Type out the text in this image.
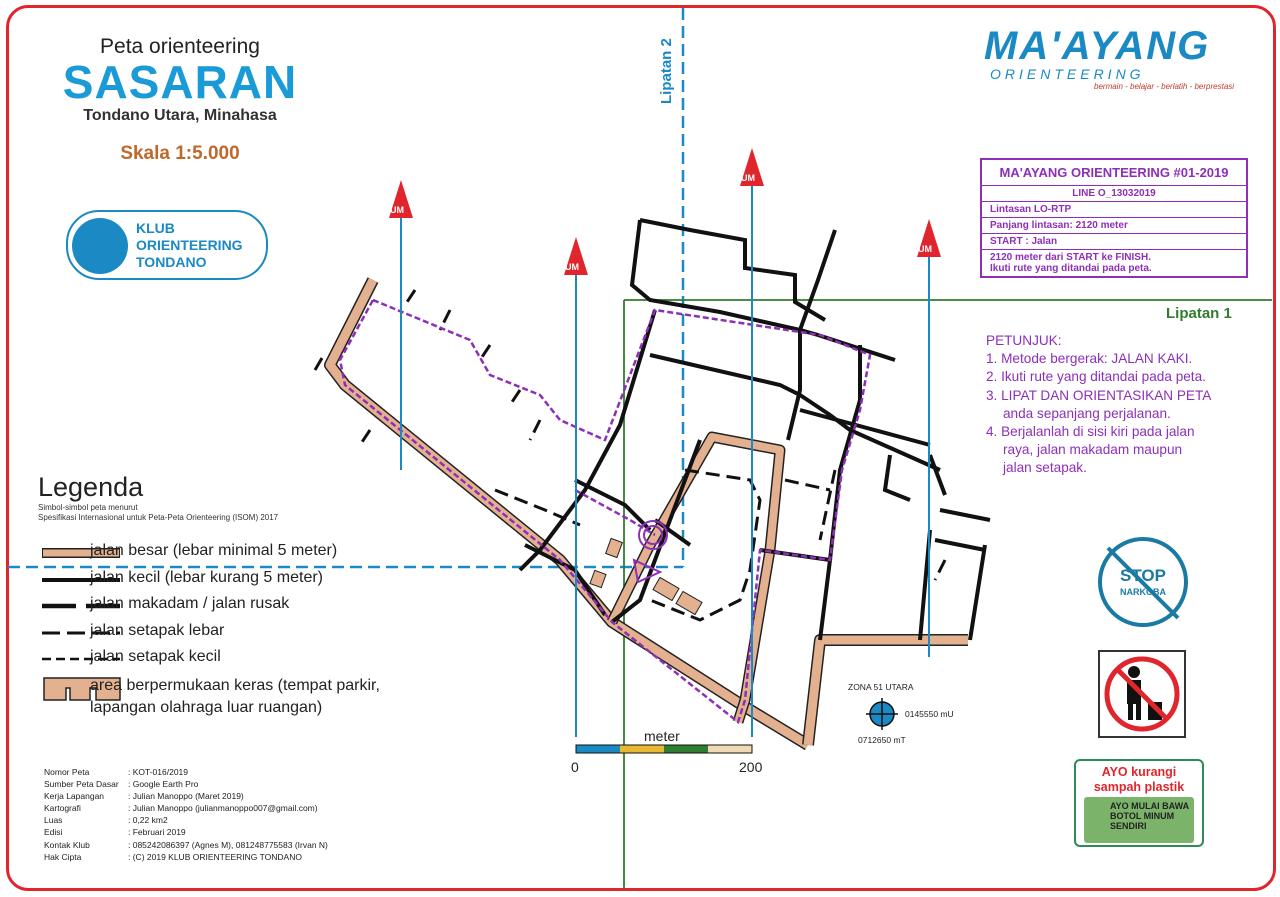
UM
UM
UM
UM
meter
0	200
ZONA 51 UTARA
0145550 mU
0712650 mT
Lipatan 2
Lipatan 1
Peta orienteering
SASARAN
Tondano Utara, Minahasa
Skala 1:5.000
KLUB
ORIENTEERING
TONDANO
Legenda
Simbol-simbol peta menurut
Spesifikasi Internasional untuk Peta-Peta Orienteering (ISOM) 2017
jalan besar (lebar minimal 5 meter)
jalan kecil (lebar kurang 5 meter)
jalan makadam / jalan rusak
jalan setapak lebar
jalan setapak kecil
area berpermukaan keras (tempat parkir,
lapangan olahraga luar ruangan)
Nomor Peta	: KOT-016/2019
Sumber Peta Dasar	: Google Earth Pro
Kerja Lapangan	: Julian Manoppo (Maret 2019)
Kartografi	: Julian Manoppo (julianmanoppo007@gmail.com)
Luas	: 0,22 km2
Edisi	: Februari 2019
Kontak Klub	: 085242086397 (Agnes M), 081248775583 (Irvan N)
Hak Cipta	: (C) 2019 KLUB ORIENTEERING TONDANO
MA'AYANG
ORIENTEERING
bermain - belajar - berlatih - berprestasi
MA'AYANG ORIENTEERING #01-2019
LINE O_13032019
Lintasan LO-RTP
Panjang lintasan: 2120 meter
START : Jalan
2120 meter dari START ke FINISH.
Ikuti rute yang ditandai pada peta.
PETUNJUK:
1. Metode bergerak: JALAN KAKI.
2. Ikuti rute yang ditandai pada peta.
3. LIPAT DAN ORIENTASIKAN PETA
anda sepanjang perjalanan.
4. Berjalanlah di sisi kiri pada jalan
raya, jalan makadam maupun
jalan setapak.
STOP
NARKOBA
AYO kurangi
sampah plastik
AYO MULAI BAWA BOTOL MINUM SENDIRI
